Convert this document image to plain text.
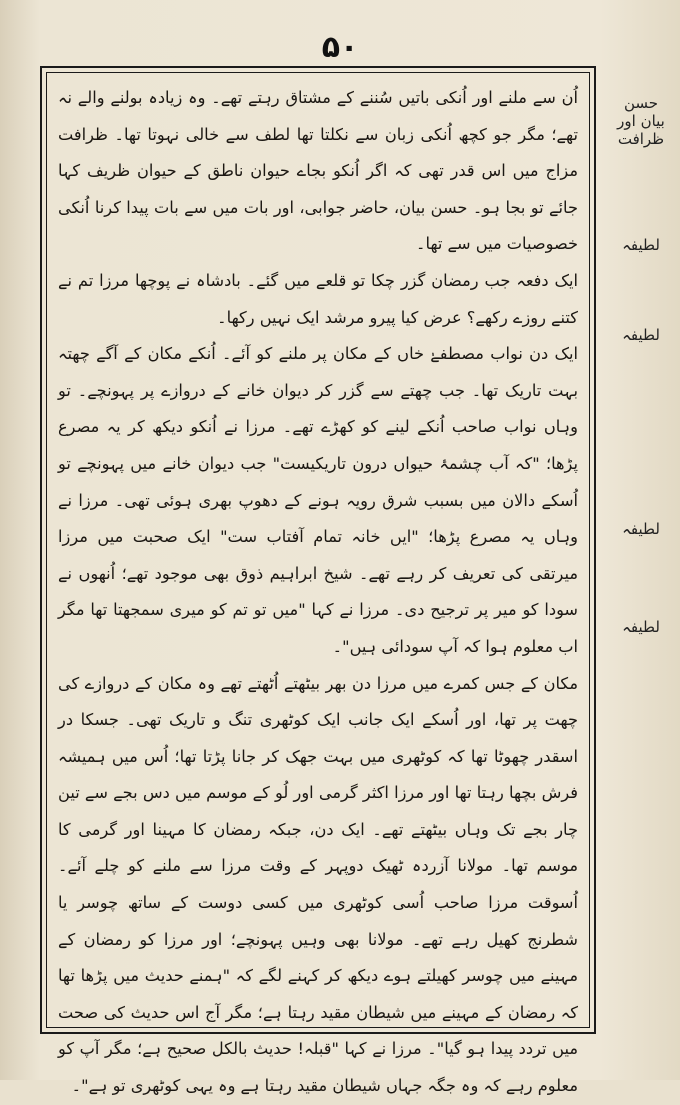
۵۰

اُن سے ملنے اور اُنکی باتیں سُننے کے مشتاق رہتے تھے۔ وہ زیادہ بولنے والے نہ تھے؛ مگر جو کچھ اُنکی زبان سے نکلتا تھا لطف سے خالی نہوتا تھا۔ ظرافت مزاج میں اس قدر تھی کہ اگر اُنکو بجاے حیوان ناطق کے حیوان ظریف کہا جائے تو بجا ہو۔ حسن بیان، حاضر جوابی، اور بات میں سے بات پیدا کرنا اُنکی خصوصیات میں سے تھا۔

ایک دفعہ جب رمضان گزر چکا تو قلعے میں گئے۔ بادشاہ نے پوچھا مرزا تم نے کتنے روزے رکھے؟ عرض کیا پیرو مرشد ایک نہیں رکھا۔

ایک دن نواب مصطفےٰ خاں کے مکان پر ملنے کو آئے۔ اُنکے مکان کے آگے چھتہ بہت تاریک تھا۔ جب چھتے سے گزر کر دیوان خانے کے دروازے پر پہونچے۔ تو وہاں نواب صاحب اُنکے لینے کو کھڑے تھے۔ مرزا نے اُنکو دیکھ کر یہ مصرع پڑھا؛ "کہ آب چشمۂ حیواں درون تاریکیست" جب دیوان خانے میں پہونچے تو اُسکے دالان میں بسبب شرق رویہ ہونے کے دھوپ بھری ہوئی تھی۔ مرزا نے وہاں یہ مصرع پڑھا؛ "ایں خانہ تمام آفتاب ست" ایک صحبت میں مرزا میرتقی کی تعریف کر رہے تھے۔ شیخ ابراہیم ذوق بھی موجود تھے؛ اُنھوں نے سودا کو میر پر ترجیح دی۔ مرزا نے کہا "میں تو تم کو میری سمجھتا تھا مگر اب معلوم ہوا کہ آپ سودائی ہیں"۔

مکان کے جس کمرے میں مرزا دن بھر بیٹھتے اُٹھتے تھے وہ مکان کے دروازے کی چھت پر تھا، اور اُسکے ایک جانب ایک کوٹھری تنگ و تاریک تھی۔ جسکا در اسقدر چھوٹا تھا کہ کوٹھری میں بہت جھک کر جانا پڑتا تھا؛ اُس میں ہمیشہ فرش بچھا رہتا تھا اور مرزا اکثر گرمی اور لُو کے موسم میں دس بجے سے تین چار بجے تک وہاں بیٹھتے تھے۔ ایک دن، جبکہ رمضان کا مہینا اور گرمی کا موسم تھا۔ مولانا آزردہ ٹھیک دوپہر کے وقت مرزا سے ملنے کو چلے آئے۔ اُسوقت مرزا صاحب اُسی کوٹھری میں کسی دوست کے ساتھ چوسر یا شطرنج کھیل رہے تھے۔ مولانا بھی وہیں پہونچے؛ اور مرزا کو رمضان کے مہینے میں چوسر کھیلتے ہوے دیکھ کر کہنے لگے کہ "ہمنے حدیث میں پڑھا تھا کہ رمضان کے مہینے میں شیطان مقید رہتا ہے؛ مگر آج اس حدیث کی صحت میں تردد پیدا ہو گیا"۔ مرزا نے کہا "قبلہ! حدیث بالکل صحیح ہے؛ مگر آپ کو معلوم رہے کہ وہ جگہ جہاں شیطان مقید رہتا ہے وہ یہی کوٹھری تو ہے"۔

حسن بیان اور ظرافت
لطیفہ
لطیفہ
لطیفہ
لطیفہ
